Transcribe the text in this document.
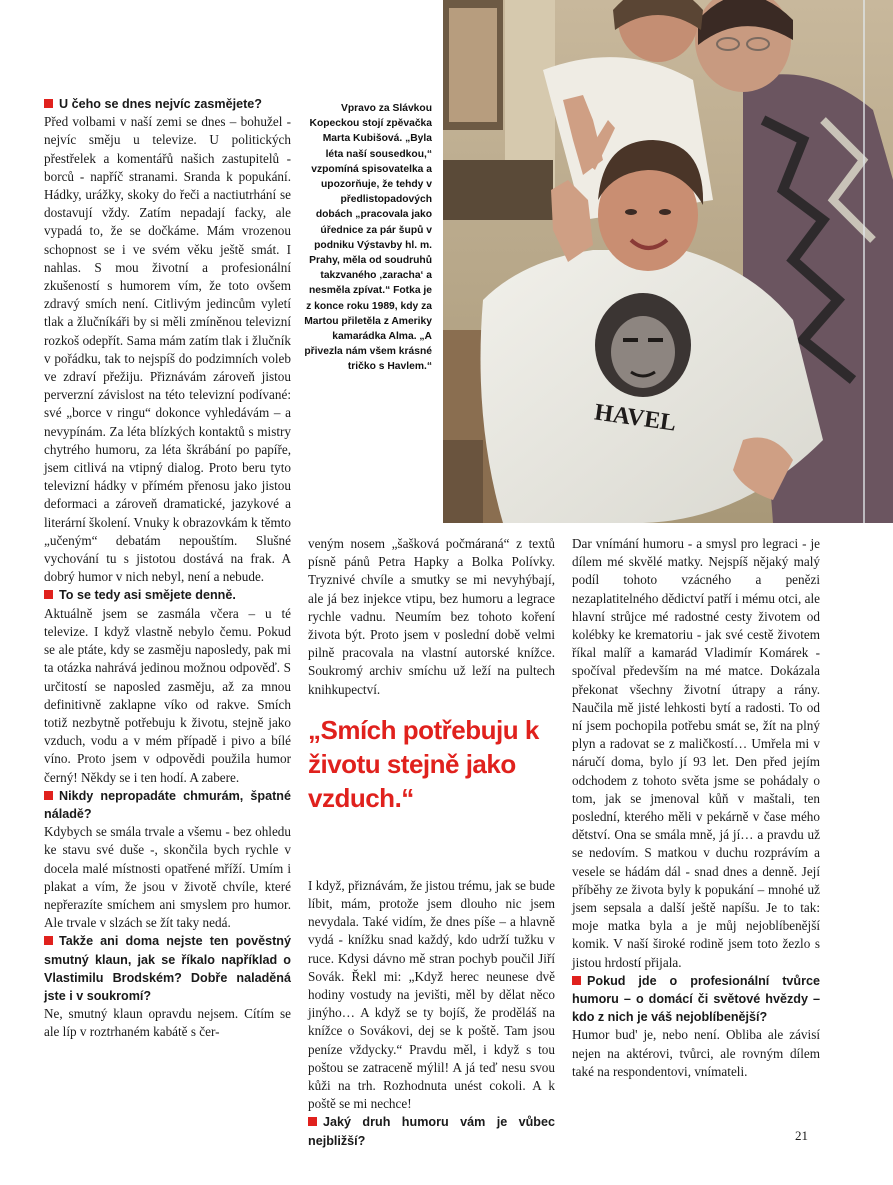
HAVEL
Vpravo za Slávkou Kopeckou stojí zpěvačka Marta Kubišová. „Byla léta naší sousedkou,“ vzpomíná spisovatelka a upozorňuje, že tehdy v předlistopadových dobách „pracovala jako úřednice za pár šupů v podniku Výstavby hl. m. Prahy, měla od soudruhů takzvaného ‚zaracha‘ a nesměla zpívat.“ Fotka je z konce roku 1989, kdy za Martou přiletěla z Ameriky kamarádka Alma. „A přivezla nám všem krásné tričko s Havlem.“

U čeho se dnes nejvíc zasmějete?

Před volbami v naší zemi se dnes – bohužel - nejvíc směju u televize. U politických přestřelek a komentářů našich zastupitelů - borců - napříč stranami. Sranda k popukání. Hádky, urážky, skoky do řeči a nactiutrhání se dostavují vždy. Zatím nepadají facky, ale vypadá to, že se dočkáme. Mám vrozenou schopnost se i ve svém věku ještě smát. I nahlas. S mou životní a profesionální zkušeností s humorem vím, že toto ovšem zdravý smích není. Citlivým jedincům vyletí tlak a žlučníkáři by si měli zmíněnou televizní rozkoš odepřít. Sama mám zatím tlak i žlučník v pořádku, tak to nejspíš do podzimních voleb ve zdraví přežiju. Přiznávám zároveň jistou perverzní závislost na této televizní podívané: své „borce v ringu“ dokonce vyhledávám – a nevypínám. Za léta blízkých kontaktů s mistry chytrého humoru, za léta škrábání po papíře, jsem citlivá na vtipný dialog. Proto beru tyto televizní hádky v přímém přenosu jako jistou deformaci a zároveň dramatické, jazykové a literární školení. Vnuky k obrazovkám k těmto „učeným“ debatám nepouštím. Slušné vychování tu s jistotou dostává na frak. A dobrý humor v nich nebyl, není a nebude.

To se tedy asi smějete denně.

Aktuálně jsem se zasmála včera – u té televize. I když vlastně nebylo čemu. Pokud se ale ptáte, kdy se zasměju naposledy, pak mi ta otázka nahrává jedinou možnou odpověď. S určitostí se naposled zasměju, až za mnou definitivně zaklapne víko od rakve. Smích totiž nezbytně potřebuju k životu, stejně jako vzduch, vodu a v mém případě i pivo a bílé víno. Proto jsem v odpovědi použila humor černý! Někdy se i ten hodí. A zabere.

Nikdy nepropadáte chmurám, špatné náladě?

Kdybych se smála trvale a všemu - bez ohledu ke stavu své duše -, skončila bych rychle v docela malé místnosti opatřené mříží. Umím i plakat a vím, že jsou v životě chvíle, které nepřerazíte smíchem ani smyslem pro humor. Ale trvale v slzách se žít taky nedá.

Takže ani doma nejste ten pověstný smutný klaun, jak se říkalo například o Vlastimilu Brodském? Dobře naladěná jste i v soukromí?

Ne, smutný klaun opravdu nejsem. Cítím se ale líp v roztrhaném kabátě s čer-

veným nosem „šašková počmáraná“ z textů písně pánů Petra Hapky a Bolka Polívky. Tryznivé chvíle a smutky se mi nevyhýbají, ale já bez injekce vtipu, bez humoru a legrace rychle vadnu. Neumím bez tohoto koření života být. Proto jsem v poslední době velmi pilně pracovala na vlastní autorské knížce. Soukromý archiv smíchu už leží na pultech knihkupectví.

I když, přiznávám, že jistou trému, jak se bude líbit, mám, protože jsem dlouho nic jsem nevydala. Také vidím, že dnes píše – a hlavně vydá - knížku snad každý, kdo udrží tužku v ruce. Kdysi dávno mě stran pochyb poučil Jiří Sovák. Řekl mi: „Když herec neunese dvě hodiny vostudy na jevišti, měl by dělat něco jinýho… A když se ty bojíš, že proděláš na knížce o Sovákovi, dej se k poště. Tam jsou peníze vždycky.“ Pravdu měl, i když s tou poštou se zatraceně mýlil! A já teď nesu svou kůži na trh. Rozhodnuta unést cokoli. A k poště se mi nechce!

Jaký druh humoru vám je vůbec nejbližší?

„Smích potřebuju k životu stejně jako vzduch.“

Dar vnímání humoru - a smysl pro legraci - je dílem mé skvělé matky. Nejspíš nějaký malý podíl tohoto vzácného a penězi nezaplatitelného dědictví patří i mému otci, ale hlavní strůjce mé radostné cesty životem od kolébky ke krematoriu - jak své cestě životem říkal malíř a kamarád Vladimír Komárek - spočíval především na mé matce. Dokázala překonat všechny životní útrapy a rány. Naučila mě jisté lehkosti bytí a radosti. To od ní jsem pochopila potřebu smát se, žít na plný plyn a radovat se z maličkostí… Umřela mi v náručí doma, bylo jí 93 let. Den před jejím odchodem z tohoto světa jsme se pohádaly o tom, jak se jmenoval kůň v maštali, ten poslední, kterého měli v pekárně v čase mého dětství. Ona se smála mně, já jí… a pravdu už se nedovím. S matkou v duchu rozprávím a vesele se hádám dál - snad dnes a denně. Její příběhy ze života byly k popukání – mnohé už jsem sepsala a další ještě napíšu. Je to tak: moje matka byla a je můj nejoblíbenější komik. V naší široké rodině jsem toto žezlo s jistou hrdostí přijala.

Pokud jde o profesionální tvůrce humoru – o domácí či světové hvězdy – kdo z nich je váš nejoblíbenější?

Humor bud' je, nebo není. Obliba ale závisí nejen na aktérovi, tvůrci, ale rovným dílem také na respondentovi, vnímateli.

21
